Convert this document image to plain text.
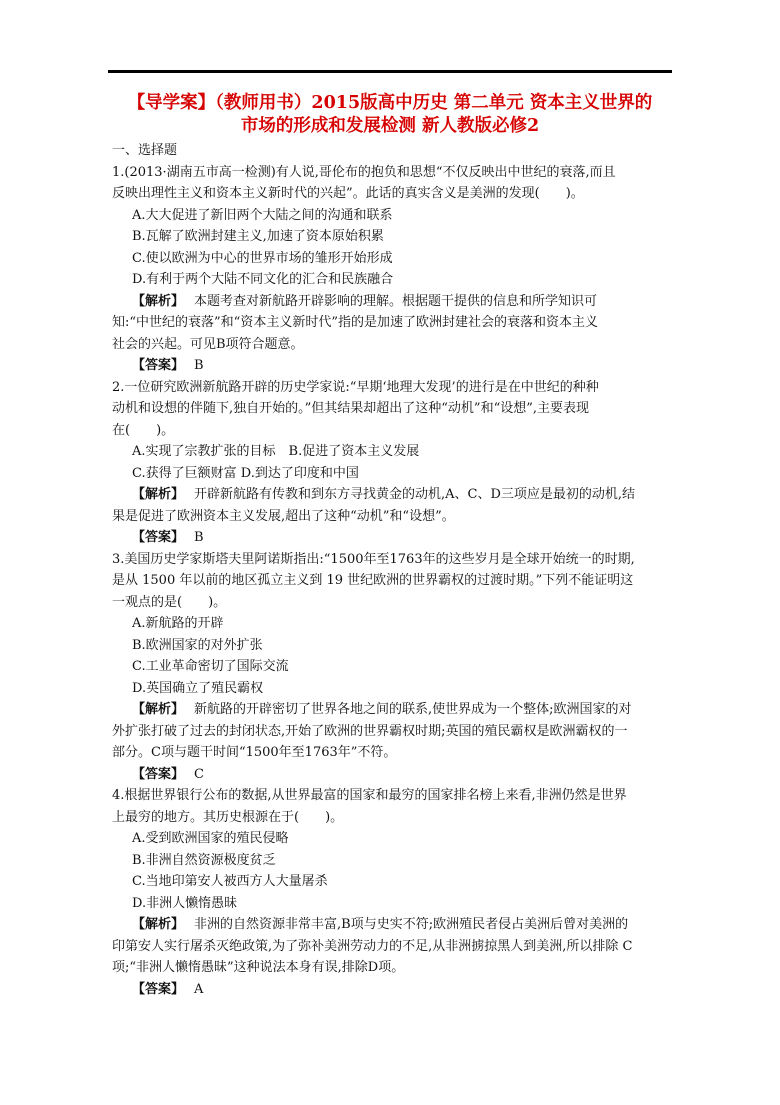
【导学案】（教师用书）2015版高中历史 第二单元 资本主义世界的
市场的形成和发展检测 新人教版必修2

一、选择题

1.(2013·湖南五市高一检测)有人说,哥伦布的抱负和思想“不仅反映出中世纪的衰落,而且

反映出理性主义和资本主义新时代的兴起”。此话的真实含义是美洲的发现(　　)。

A.大大促进了新旧两个大陆之间的沟通和联系

B.瓦解了欧洲封建主义,加速了资本原始积累

C.使以欧洲为中心的世界市场的雏形开始形成

D.有利于两个大陆不同文化的汇合和民族融合

【解析】 本题考查对新航路开辟影响的理解。根据题干提供的信息和所学知识可

知:“中世纪的衰落”和“资本主义新时代”指的是加速了欧洲封建社会的衰落和资本主义

社会的兴起。可见B项符合题意。

【答案】 B

2.一位研究欧洲新航路开辟的历史学家说:“早期‘地理大发现’的进行是在中世纪的种种

动机和设想的伴随下,独自开始的。”但其结果却超出了这种“动机”和“设想”,主要表现

在(　　)。

A.实现了宗教扩张的目标　B.促进了资本主义发展

C.获得了巨额财富 D.到达了印度和中国

【解析】 开辟新航路有传教和到东方寻找黄金的动机,A、C、D三项应是最初的动机,结

果是促进了欧洲资本主义发展,超出了这种“动机”和“设想”。

【答案】 B

3.美国历史学家斯塔夫里阿诺斯指出:“1500年至1763年的这些岁月是全球开始统一的时期,

是从 1500 年以前的地区孤立主义到 19 世纪欧洲的世界霸权的过渡时期。”下列不能证明这

一观点的是(　　)。

A.新航路的开辟

B.欧洲国家的对外扩张

C.工业革命密切了国际交流

D.英国确立了殖民霸权

【解析】 新航路的开辟密切了世界各地之间的联系,使世界成为一个整体;欧洲国家的对

外扩张打破了过去的封闭状态,开始了欧洲的世界霸权时期;英国的殖民霸权是欧洲霸权的一

部分。C项与题干时间“1500年至1763年”不符。

【答案】 C

4.根据世界银行公布的数据,从世界最富的国家和最穷的国家排名榜上来看,非洲仍然是世界

上最穷的地方。其历史根源在于(　　)。

A.受到欧洲国家的殖民侵略

B.非洲自然资源极度贫乏

C.当地印第安人被西方人大量屠杀

D.非洲人懒惰愚昧

【解析】 非洲的自然资源非常丰富,B项与史实不符;欧洲殖民者侵占美洲后曾对美洲的

印第安人实行屠杀灭绝政策,为了弥补美洲劳动力的不足,从非洲掳掠黑人到美洲,所以排除 C

项;“非洲人懒惰愚昧”这种说法本身有误,排除D项。

【答案】 A
